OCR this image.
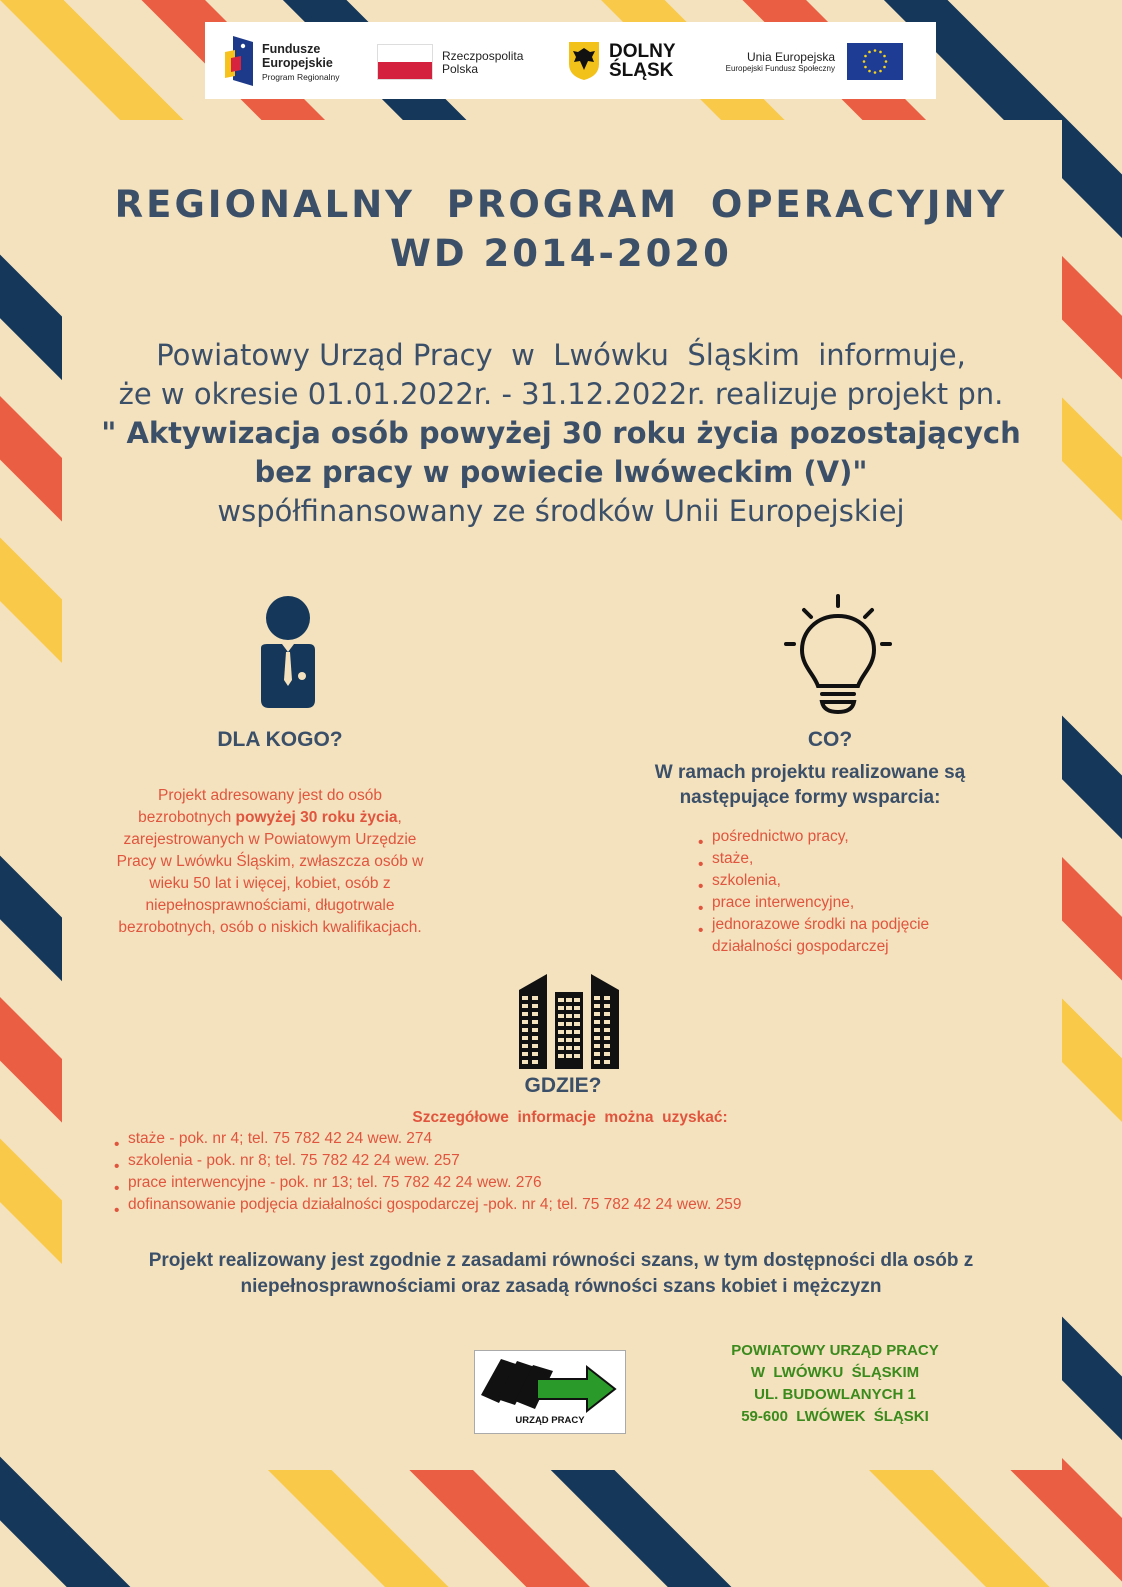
Fundusze
Europejskie
Program Regionalny
Rzeczpospolita
Polska
DOLNY
ŚLĄSK
Unia Europejska
Europejski Fundusz Społeczny
REGIONALNY  PROGRAM  OPERACYJNY
WD 2014-2020
Powiatowy Urząd Pracy  w  Lwówku  Śląskim  informuje,
że w okresie 01.01.2022r. - 31.12.2022r. realizuje projekt pn.
" Aktywizacja osób powyżej 30 roku życia pozostających bez pracy w powiecie lwóweckim (V)"
współfinansowany ze środków Unii Europejskiej
DLA KOGO?
Projekt adresowany jest do osób bezrobotnych powyżej 30 roku życia, zarejestrowanych w Powiatowym Urzędzie Pracy w Lwówku Śląskim, zwłaszcza osób w wieku 50 lat i więcej, kobiet, osób z niepełnosprawnościami, długotrwale bezrobotnych, osób o niskich kwalifikacjach.
CO?
W ramach projektu realizowane są następujące formy wsparcia:
• pośrednictwo pracy,
• staże,
• szkolenia,
• prace interwencyjne,
• jednorazowe środki na podjęcie działalności gospodarczej
GDZIE?
Szczegółowe  informacje  można  uzyskać:
• staże - pok. nr 4; tel. 75 782 42 24 wew. 274
• szkolenia - pok. nr 8; tel. 75 782 42 24 wew. 257
• prace interwencyjne - pok. nr 13; tel. 75 782 42 24 wew. 276
• dofinansowanie podjęcia działalności gospodarczej -pok. nr 4; tel. 75 782 42 24 wew. 259
Projekt realizowany jest zgodnie z zasadami równości szans, w tym dostępności dla osób z niepełnosprawnościami oraz zasadą równości szans kobiet i mężczyzn
URZĄD PRACY
POWIATOWY URZĄD PRACY
W  LWÓWKU  ŚLĄSKIM
UL. BUDOWLANYCH 1
59-600  LWÓWEK  ŚLĄSKI
